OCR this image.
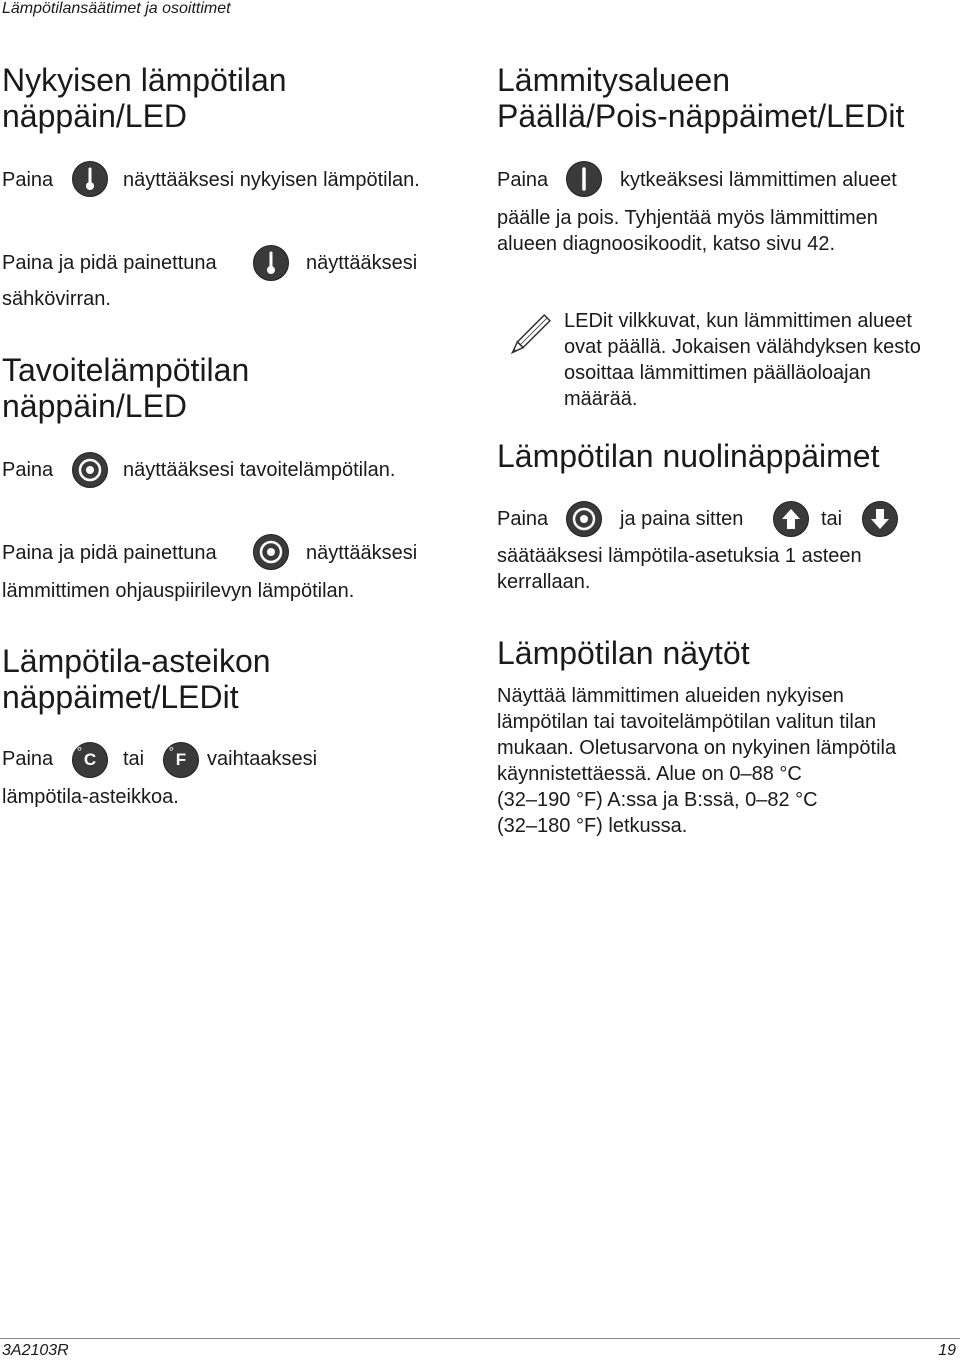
Lämpötilansäätimet ja osoittimet
Nykyisen lämpötilan
näppäin/LED
Paina	näyttääksesi nykyisen lämpötilan.
Paina ja pidä painettuna	näyttääksesi
sähkövirran.
Tavoitelämpötilan
näppäin/LED
Paina	näyttääksesi tavoitelämpötilan.
Paina ja pidä painettuna	näyttääksesi
lämmittimen ohjauspiirilevyn lämpötilan.
Lämpötila-asteikon
näppäimet/LEDit
Paina ° C tai ° F vaihtaaksesi
lämpötila-asteikkoa.
Lämmitysalueen
Päällä/Pois-näppäimet/LEDit
Paina	kytkeäksesi lämmittimen alueet
päälle ja pois. Tyhjentää myös lämmittimen
alueen diagnoosikoodit, katso sivu 42.
LEDit vilkkuvat, kun lämmittimen alueet
ovat päällä. Jokaisen välähdyksen kesto
osoittaa lämmittimen päälläoloajan
määrää.
Lämpötilan nuolinäppäimet
Paina	ja paina sitten	tai
säätääksesi lämpötila-asetuksia 1 asteen
kerrallaan.
Lämpötilan näytöt
Näyttää lämmittimen alueiden nykyisen
lämpötilan tai tavoitelämpötilan valitun tilan
mukaan. Oletusarvona on nykyinen lämpötila
käynnistettäessä. Alue on 0–88 °C
(32–190 °F) A:ssa ja B:ssä, 0–82 °C
(32–180 °F) letkussa.
3A2103R	19
